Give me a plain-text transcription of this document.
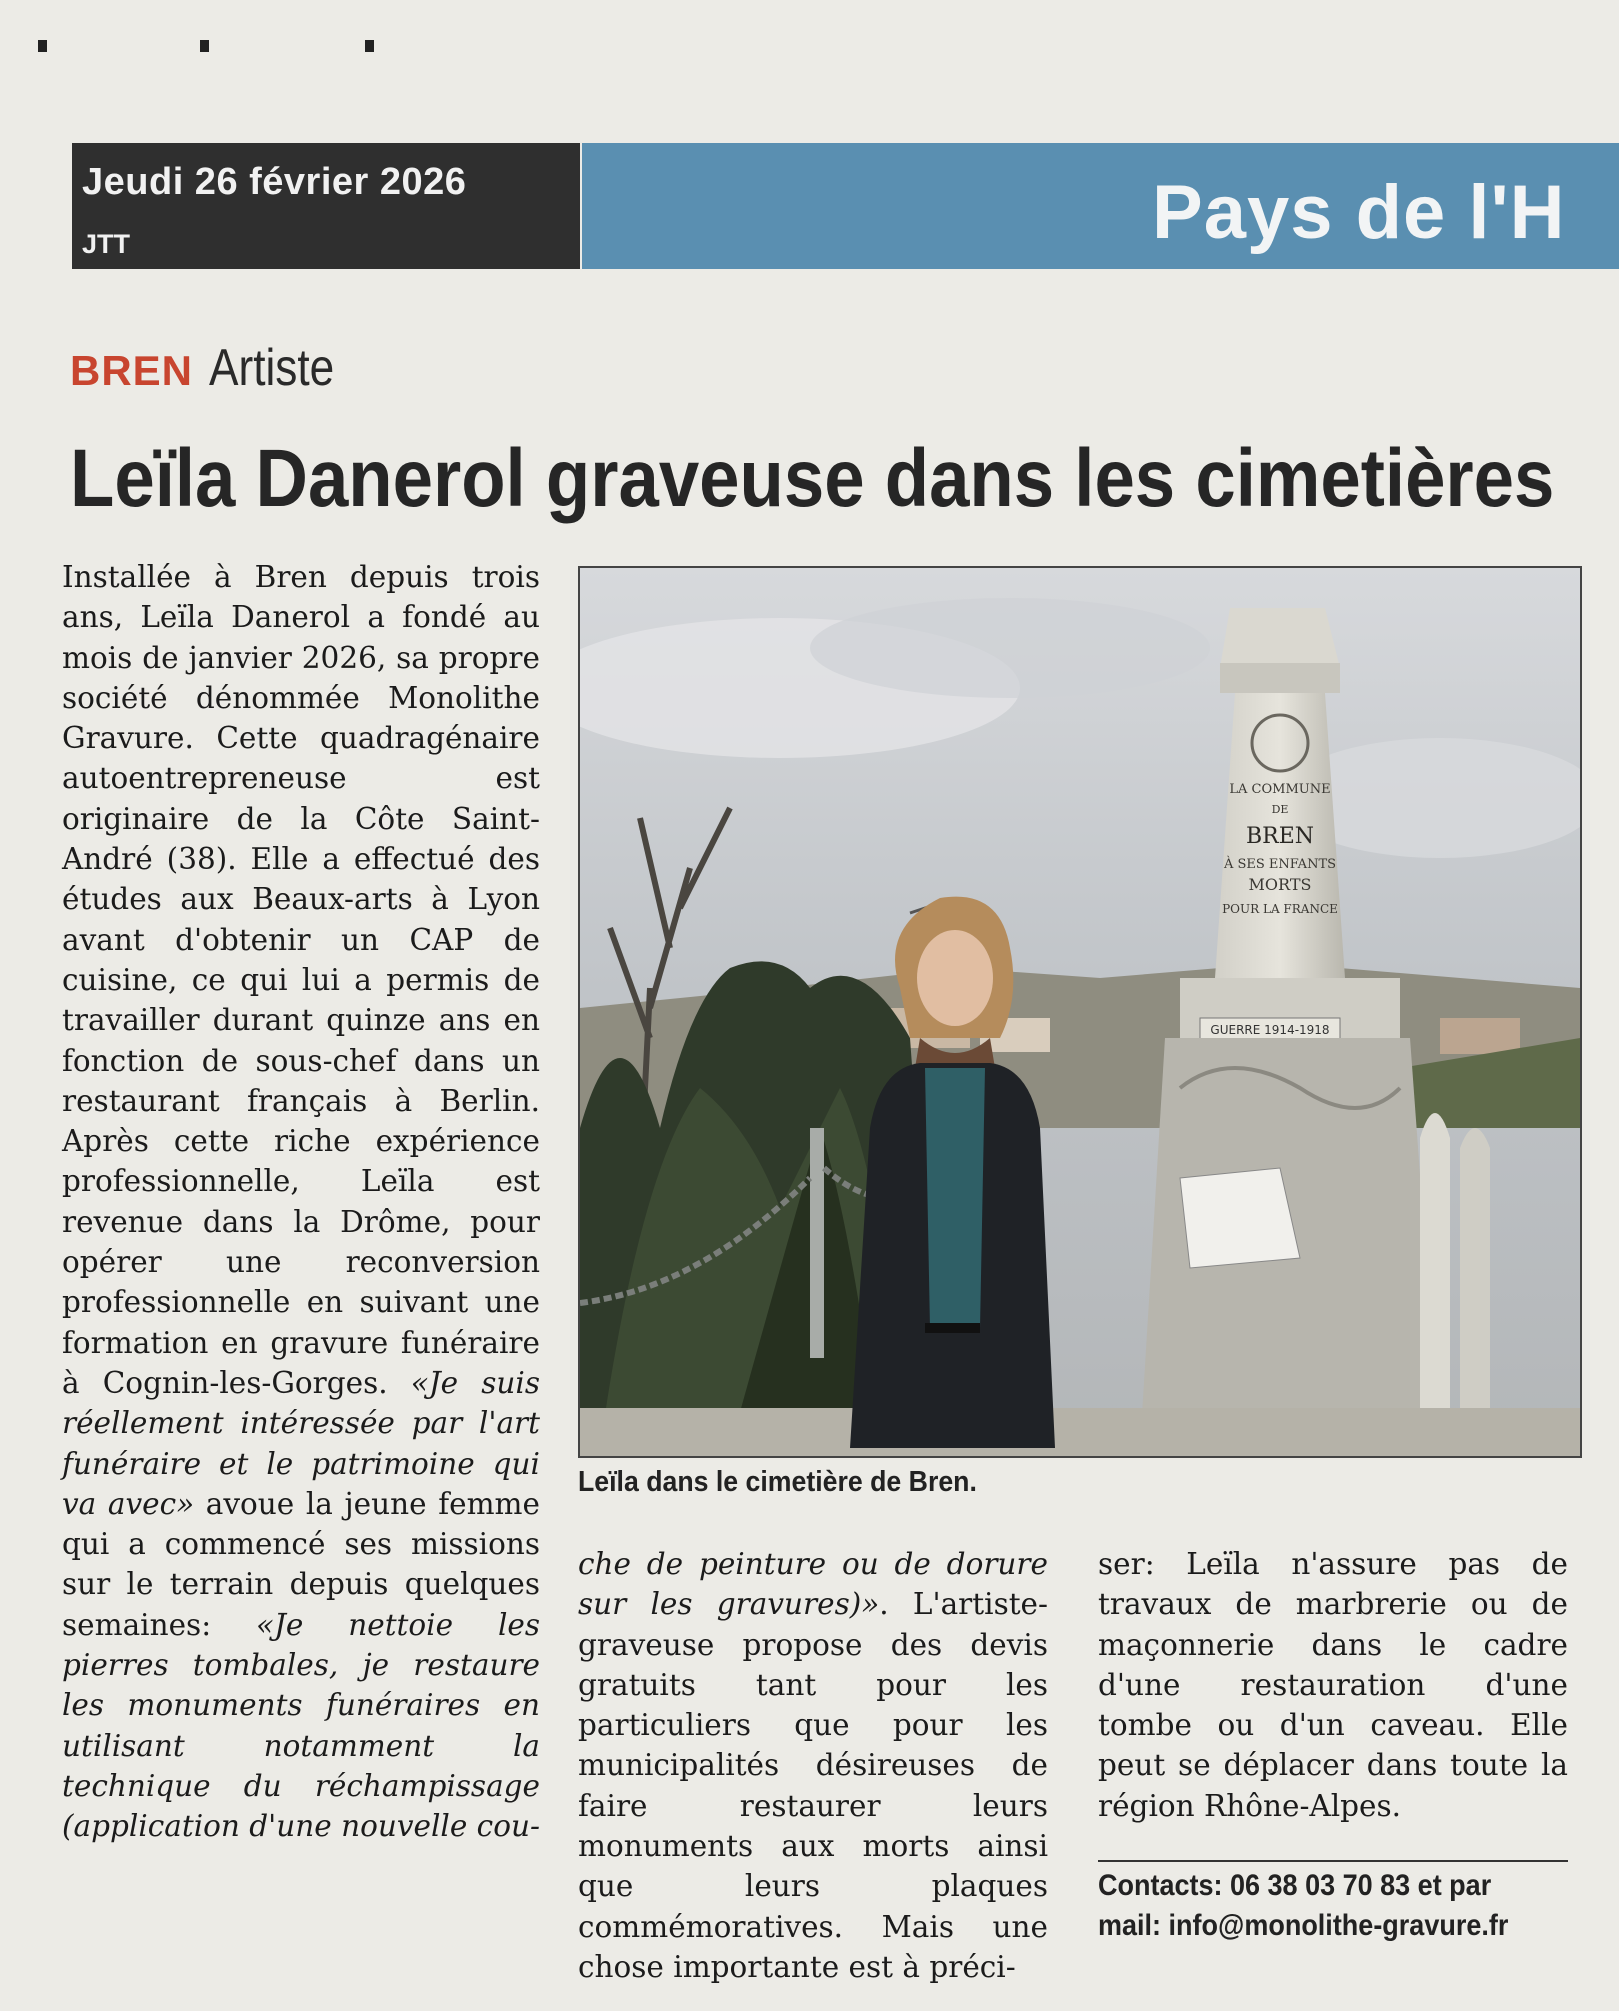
Jeudi 26 février 2026
JTT	Pays de l'H
BREN Artiste
Leïla Danerol graveuse dans les cimetières

Installée à Bren depuis trois ans, Leïla Danerol a fondé au mois de janvier 2026, sa propre société dénommée Monolithe Gravure. Cette quadragénaire autoentrepreneuse est originaire de la Côte Saint-André (38). Elle a effectué des études aux Beaux-arts à Lyon avant d'obtenir un CAP de cuisine, ce qui lui a permis de travailler durant quinze ans en fonction de sous-chef dans un restaurant français à Berlin. Après cette riche expérience professionnelle, Leïla est revenue dans la Drôme, pour opérer une reconversion professionnelle en suivant une formation en gravure funéraire à Cognin-les-Gorges. «Je suis réellement intéressée par l'art funéraire et le patrimoine qui va avec» avoue la jeune femme qui a commencé ses missions sur le terrain depuis quelques semaines: «Je nettoie les pierres tombales, je restaure les monuments funéraires en utilisant notamment la technique du réchampissage (application d'une nouvelle cou-

LA COMMUNE
DE
BREN
À SES ENFANTS
MORTS
POUR LA FRANCE
GUERRE 1914-1918
Leïla dans le cimetière de Bren.

che de peinture ou de dorure sur les gravures)». L'artiste-graveuse propose des devis gratuits tant pour les particuliers que pour les municipalités désireuses de faire restaurer leurs monuments aux morts ainsi que leurs plaques commémoratives. Mais une chose importante est à préci-

ser: Leïla n'assure pas de travaux de marbrerie ou de maçonnerie dans le cadre d'une restauration d'une tombe ou d'un caveau. Elle peut se déplacer dans toute la région Rhône-Alpes.

Contacts: 06 38 03 70 83 et par
mail: info@monolithe-gravure.fr
